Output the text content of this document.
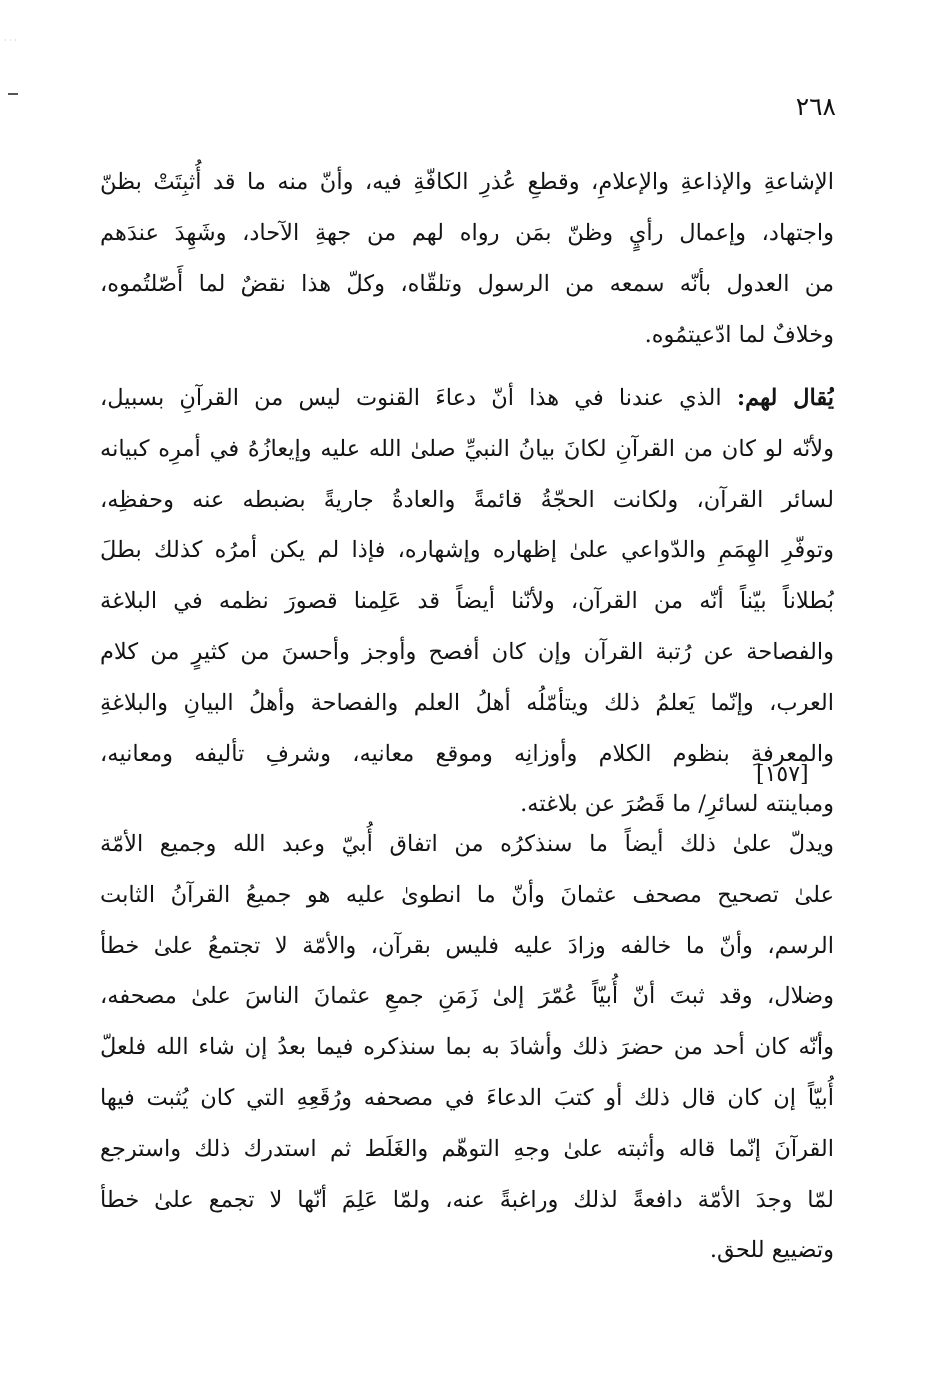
· · ·
٢٦٨
الإشاعةِ والإذاعةِ والإعلامِ، وقطعِ عُذرِ الكافّةِ فيه، وأنّ منه ما قد أُثبِتَتْ بظنّ
واجتهاد، وإعمال رأيٍ وظنّ بمَن رواه لهم من جهةِ الآحاد، وشَهِدَ عندَهم
من العدول بأنّه سمعه من الرسول وتلقّاه، وكلّ هذا نقضٌ لما أَصّلتُموه،
وخلافٌ لما ادّعيتمُوه.
يُقال لهم: الذي عندنا في هذا أنّ دعاءَ القنوت ليس من القرآنِ بسبيل،
ولأنّه لو كان من القرآنِ لكانَ بيانُ النبيِّ صلىٰ الله عليه وإيعازُهُ في أمرِه كبيانه
لسائر القرآن، ولكانت الحجّةُ قائمةً والعادةُ جاريةً بضبطه عنه وحفظِه،
وتوفّرِ الهِمَمِ والدّواعي علىٰ إظهاره وإشهاره، فإذا لم يكن أمرُه كذلك بطلَ
بُطلاناً بيّناً أنّه من القرآن، ولأنّنا أيضاً قد عَلِمنا قصورَ نظمه في البلاغة
والفصاحة عن رُتبة القرآن وإن كان أفصح وأوجز وأحسنَ من كثيرٍ من كلام
العرب، وإنّما يَعلمُ ذلك ويتأمّلُه أهلُ العلم والفصاحة وأهلُ البيانِ والبلاغةِ
والمعرفةِ بنظوم الكلام وأوزانِه وموقع معانيه، وشرفِ تأليفه ومعانيه،
ومباينته لسائرِ/ ما قَصُرَ عن بلاغته.
[١٥٧]
ويدلّ علىٰ ذلك أيضاً ما سنذكرُه من اتفاق أُبيّ وعبد الله وجميع الأمّة
علىٰ تصحيح مصحف عثمانَ وأنّ ما انطوىٰ عليه هو جميعُ القرآنُ الثابت
الرسم، وأنّ ما خالفه وزادَ عليه فليس بقرآن، والأمّة لا تجتمعُ علىٰ خطأ
وضلال، وقد ثبتَ أنّ أُبيّاً عُمّرَ إلىٰ زَمَنِ جمعِ عثمانَ الناسَ علىٰ مصحفه،
وأنّه كان أحد من حضرَ ذلك وأشادَ به بما سنذكره فيما بعدُ إن شاء الله فلعلّ
أُبيّاً إن كان قال ذلك أو كتبَ الدعاءَ في مصحفه ورُقَعِهِ التي كان يُثبت فيها
القرآنَ إنّما قاله وأثبته علىٰ وجهِ التوهّم والغَلَط ثم استدرك ذلك واسترجع
لمّا وجدَ الأمّة دافعةً لذلك وراغبةً عنه، ولمّا عَلِمَ أنّها لا تجمع علىٰ خطأ
وتضييع للحق.
